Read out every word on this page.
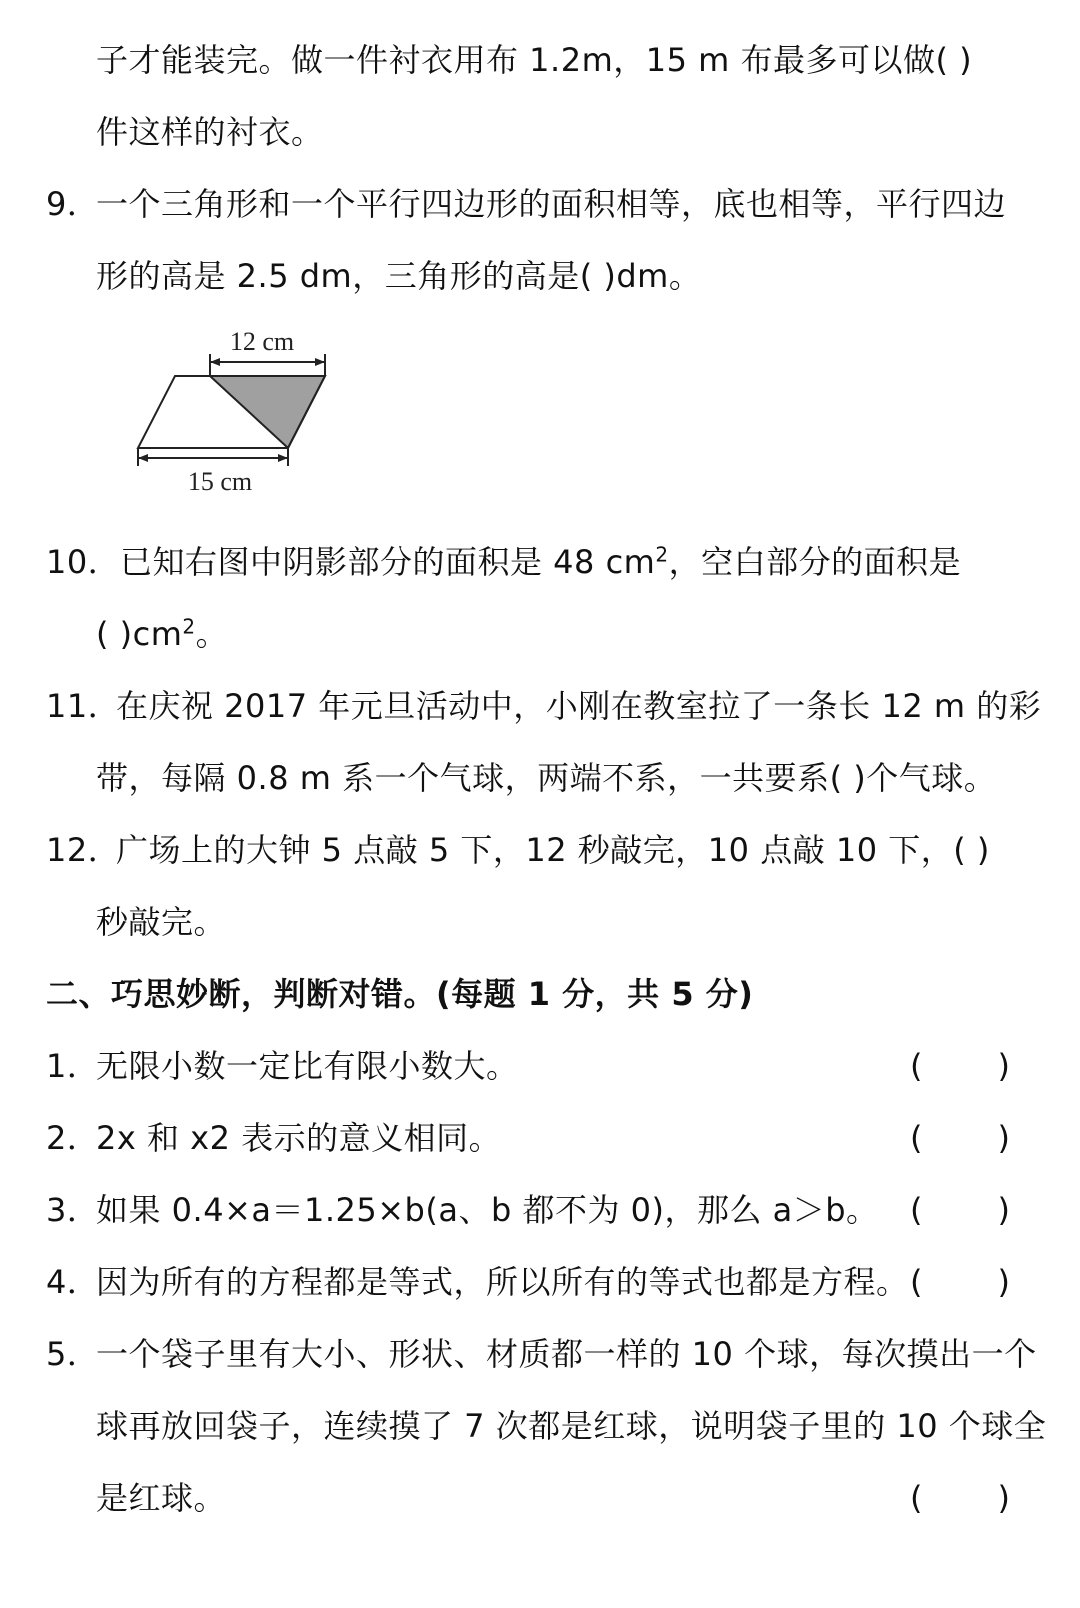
子才能装完。做一件衬衣用布 1.2m，15 m 布最多可以做( )
件这样的衬衣。
9．
一个三角形和一个平行四边形的面积相等，底也相等，平行四边
形的高是 2.5 dm，三角形的高是( )dm。
12 cm
15 cm
10． 已知右图中阴影部分的面积是 48 $cm^2$，空白部分的面积是
( )$cm^2$。
11．
在庆祝 2017 年元旦活动中，小刚在教室拉了一条长 12 m 的彩
带，每隔 0.8 m 系一个气球，两端不系，一共要系( )个气球。
12．
广场上的大钟 5 点敲 5 下，12 秒敲完，10 点敲 10 下，( )
秒敲完。
二、巧思妙断，判断对错。(每题 1 分，共 5 分)
1．
无限小数一定比有限小数大。	( )
2．
2x 和 x2 表示的意义相同。	( )
3．
如果 0.4×a＝1.25×b(a、b 都不为 0)，那么 a＞b。 ( )
4．
因为所有的方程都是等式，所以所有的等式也都是方程。 ( )
5．
一个袋子里有大小、形状、材质都一样的 10 个球，每次摸出一个
球再放回袋子，连续摸了 7 次都是红球，说明袋子里的 10 个球全
是红球。	( )
